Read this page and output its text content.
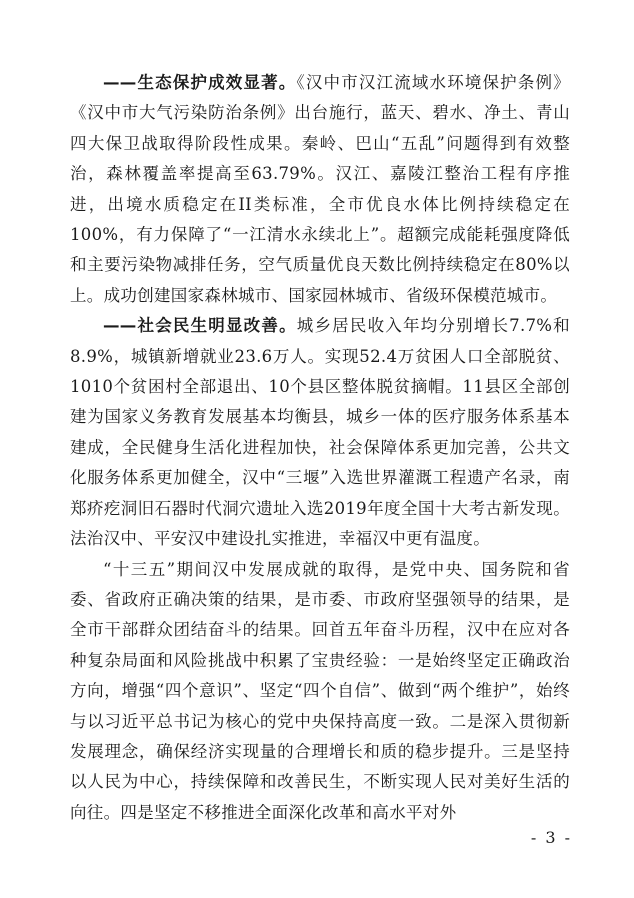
——生态保护成效显著。《汉中市汉江流域水环境保护条例》《汉中市大气污染防治条例》出台施行，蓝天、碧水、净土、青山四大保卫战取得阶段性成果。秦岭、巴山“五乱”问题得到有效整治，森林覆盖率提高至63.79%。汉江、嘉陵江整治工程有序推进，出境水质稳定在II类标准，全市优良水体比例持续稳定在100%，有力保障了“一江清水永续北上”。超额完成能耗强度降低和主要污染物减排任务，空气质量优良天数比例持续稳定在80%以上。成功创建国家森林城市、国家园林城市、省级环保模范城市。

——社会民生明显改善。城乡居民收入年均分别增长7.7%和8.9%，城镇新增就业23.6万人。实现52.4万贫困人口全部脱贫、1010个贫困村全部退出、10个县区整体脱贫摘帽。11县区全部创建为国家义务教育发展基本均衡县，城乡一体的医疗服务体系基本建成，全民健身生活化进程加快，社会保障体系更加完善，公共文化服务体系更加健全，汉中“三堰”入选世界灌溉工程遗产名录，南郑疥疙洞旧石器时代洞穴遗址入选2019年度全国十大考古新发现。法治汉中、平安汉中建设扎实推进，幸福汉中更有温度。

“十三五”期间汉中发展成就的取得，是党中央、国务院和省委、省政府正确决策的结果，是市委、市政府坚强领导的结果，是全市干部群众团结奋斗的结果。回首五年奋斗历程，汉中在应对各种复杂局面和风险挑战中积累了宝贵经验：一是始终坚定正确政治方向，增强“四个意识”、坚定“四个自信”、做到“两个维护”，始终与以习近平总书记为核心的党中央保持高度一致。二是深入贯彻新发展理念，确保经济实现量的合理增长和质的稳步提升。三是坚持以人民为中心，持续保障和改善民生，不断实现人民对美好生活的向往。四是坚定不移推进全面深化改革和高水平对外

- 3 -
